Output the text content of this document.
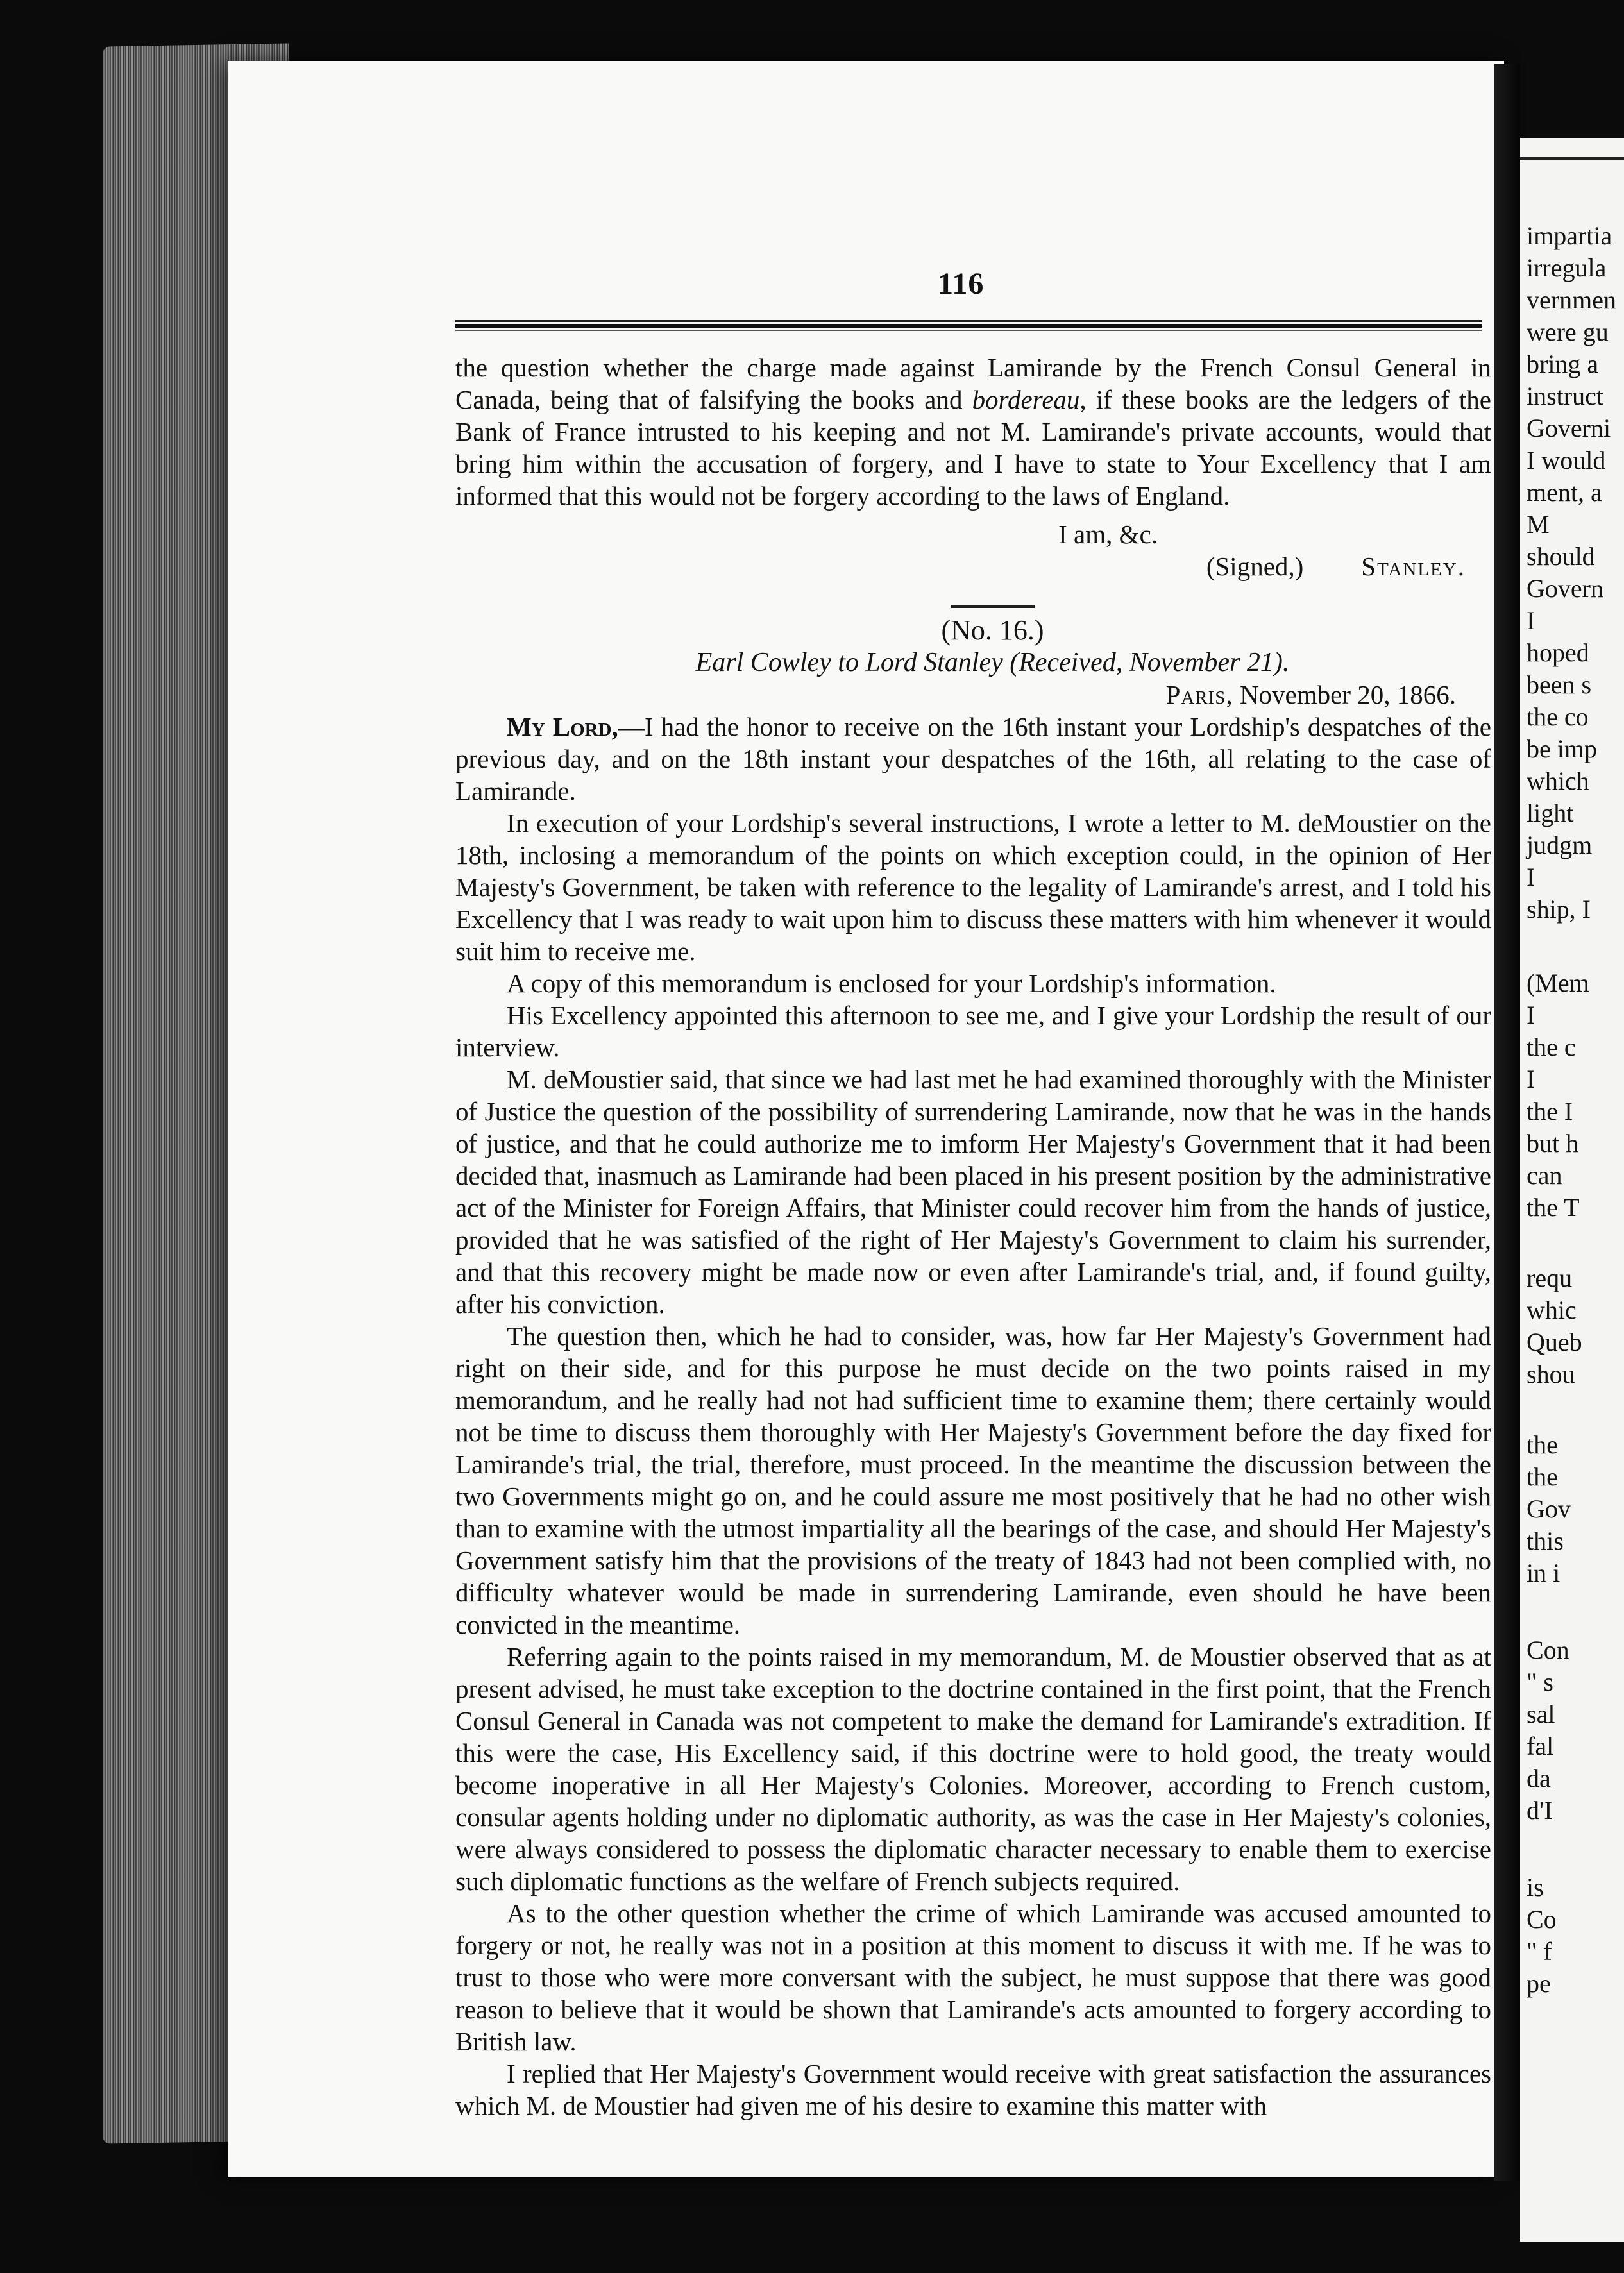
impartia
irregula
vernmen
were gu
bring a
instruct
Governi
I would
ment, a
M
should
Govern
I
hoped
been s
the co
be imp
which
light
judgm
I
ship, I
(Mem
I
the c
I
the I
but h
can
the T
requ
whic
Queb
shou
the
the
Gov
this
in i
Con
" s
sal
fal
da
d'I
is
Co
" f
pe
116

the question whether the charge made against Lamirande by the French Consul General in Canada, being that of falsifying the books and bordereau, if these books are the ledgers of the Bank of France intrusted to his keeping and not M. Lamirande's private accounts, would that bring him within the accusation of forgery, and I have to state to Your Excellency that I am informed that this would not be forgery according to the laws of England.

I am, &c.
(Signed,) Stanley.

(No. 16.)

Earl Cowley to Lord Stanley (Received, November 21).

Paris, November 20, 1866.

My Lord,—I had the honor to receive on the 16th instant your Lordship's despatches of the previous day, and on the 18th instant your despatches of the 16th, all relating to the case of Lamirande.

In execution of your Lordship's several instructions, I wrote a letter to M. deMoustier on the 18th, inclosing a memorandum of the points on which exception could, in the opinion of Her Majesty's Government, be taken with reference to the legality of Lamirande's arrest, and I told his Excellency that I was ready to wait upon him to discuss these matters with him whenever it would suit him to receive me.

A copy of this memorandum is enclosed for your Lordship's information.

His Excellency appointed this afternoon to see me, and I give your Lordship the result of our interview.

M. deMoustier said, that since we had last met he had examined thoroughly with the Minister of Justice the question of the possibility of surrendering Lamirande, now that he was in the hands of justice, and that he could authorize me to imform Her Majesty's Government that it had been decided that, inasmuch as Lamirande had been placed in his present position by the administrative act of the Minister for Foreign Affairs, that Minister could recover him from the hands of justice, provided that he was satisfied of the right of Her Majesty's Government to claim his surrender, and that this recovery might be made now or even after Lamirande's trial, and, if found guilty, after his conviction.

The question then, which he had to consider, was, how far Her Majesty's Government had right on their side, and for this purpose he must decide on the two points raised in my memorandum, and he really had not had sufficient time to examine them; there certainly would not be time to discuss them thoroughly with Her Majesty's Government before the day fixed for Lamirande's trial, the trial, therefore, must proceed. In the meantime the discussion between the two Governments might go on, and he could assure me most positively that he had no other wish than to examine with the utmost impartiality all the bearings of the case, and should Her Majesty's Government satisfy him that the provisions of the treaty of 1843 had not been complied with, no difficulty whatever would be made in surrendering Lamirande, even should he have been convicted in the meantime.

Referring again to the points raised in my memorandum, M. de Moustier observed that as at present advised, he must take exception to the doctrine contained in the first point, that the French Consul General in Canada was not competent to make the demand for Lamirande's extradition. If this were the case, His Excellency said, if this doctrine were to hold good, the treaty would become inoperative in all Her Majesty's Colonies. Moreover, according to French custom, consular agents holding under no diplomatic authority, as was the case in Her Majesty's colonies, were always considered to possess the diplomatic character necessary to enable them to exercise such diplomatic functions as the welfare of French subjects required.

As to the other question whether the crime of which Lamirande was accused amounted to forgery or not, he really was not in a position at this moment to discuss it with me. If he was to trust to those who were more conversant with the subject, he must suppose that there was good reason to believe that it would be shown that Lamirande's acts amounted to forgery according to British law.

I replied that Her Majesty's Government would receive with great satisfaction the assurances which M. de Moustier had given me of his desire to examine this matter with
